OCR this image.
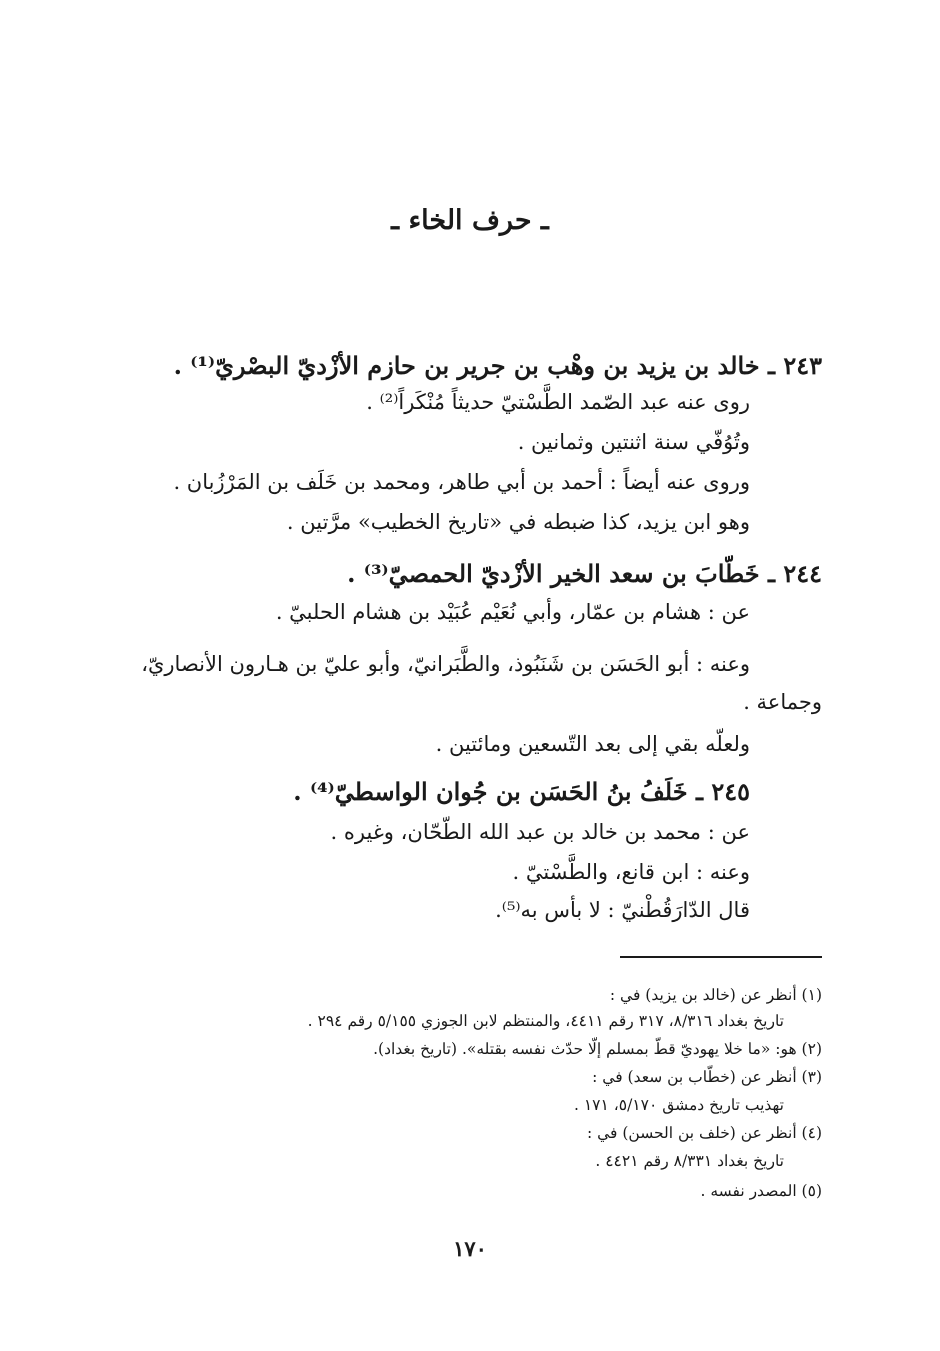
ـ حرف الخاء ـ
٢٤٣ ـ خالد بن يزيد بن وهْب بن جرير بن حازم الأزْديّ البصْريّ⁽¹⁾ .
روى عنه عبد الصّمد الطَّسْتيّ حديثاً مُنْكَراً⁽²⁾ .
وتُوُفّي سنة اثنتين وثمانين .
وروى عنه أيضاً : أحمد بن أبي طاهر، ومحمد بن خَلَف بن المَرْزُبان .
وهو ابن يزيد، كذا ضبطه في «تاريخ الخطيب» مرَّتين .
٢٤٤ ـ خَطّابَ بن سعد الخير الأزْديّ الحمصيّ⁽³⁾ .
عن : هشام بن عمّار، وأبي نُعَيْم عُبَيْد بن هشام الحلبيّ .
وعنه : أبو الحَسَن بن شَنَبُوذ، والطَّبَرانيّ، وأبو عليّ بن هـارون الأنصاريّ،
وجماعة .
ولعلّه بقي إلى بعد التّسعين ومائتين .
٢٤٥ ـ خَلَفُ بنُ الحَسَن بن جُوان الواسطيّ⁽⁴⁾ .
عن : محمد بن خالد بن عبد الله الطّحّان، وغيره .
وعنه : ابن قانع، والطَّسْتيّ .
قال الدّارَقُطْنيّ : لا بأس به⁽⁵⁾.
(١) أنظر عن (خالد بن يزيد) في :
تاريخ بغداد ٨/٣١٦، ٣١٧ رقم ٤٤١١، والمنتظم لابن الجوزي ٥/١٥٥ رقم ٢٩٤ .
(٢) هو: «ما خلا يهوديّ قطّ بمسلم إلّا حدّث نفسه بقتله». (تاريخ بغداد).
(٣) أنظر عن (خطّاب بن سعد) في :
تهذيب تاريخ دمشق ٥/١٧٠، ١٧١ .
(٤) أنظر عن (خلف بن الحسن) في :
تاريخ بغداد ٨/٣٣١ رقم ٤٤٢١ .
(٥) المصدر نفسه .
١٧٠
